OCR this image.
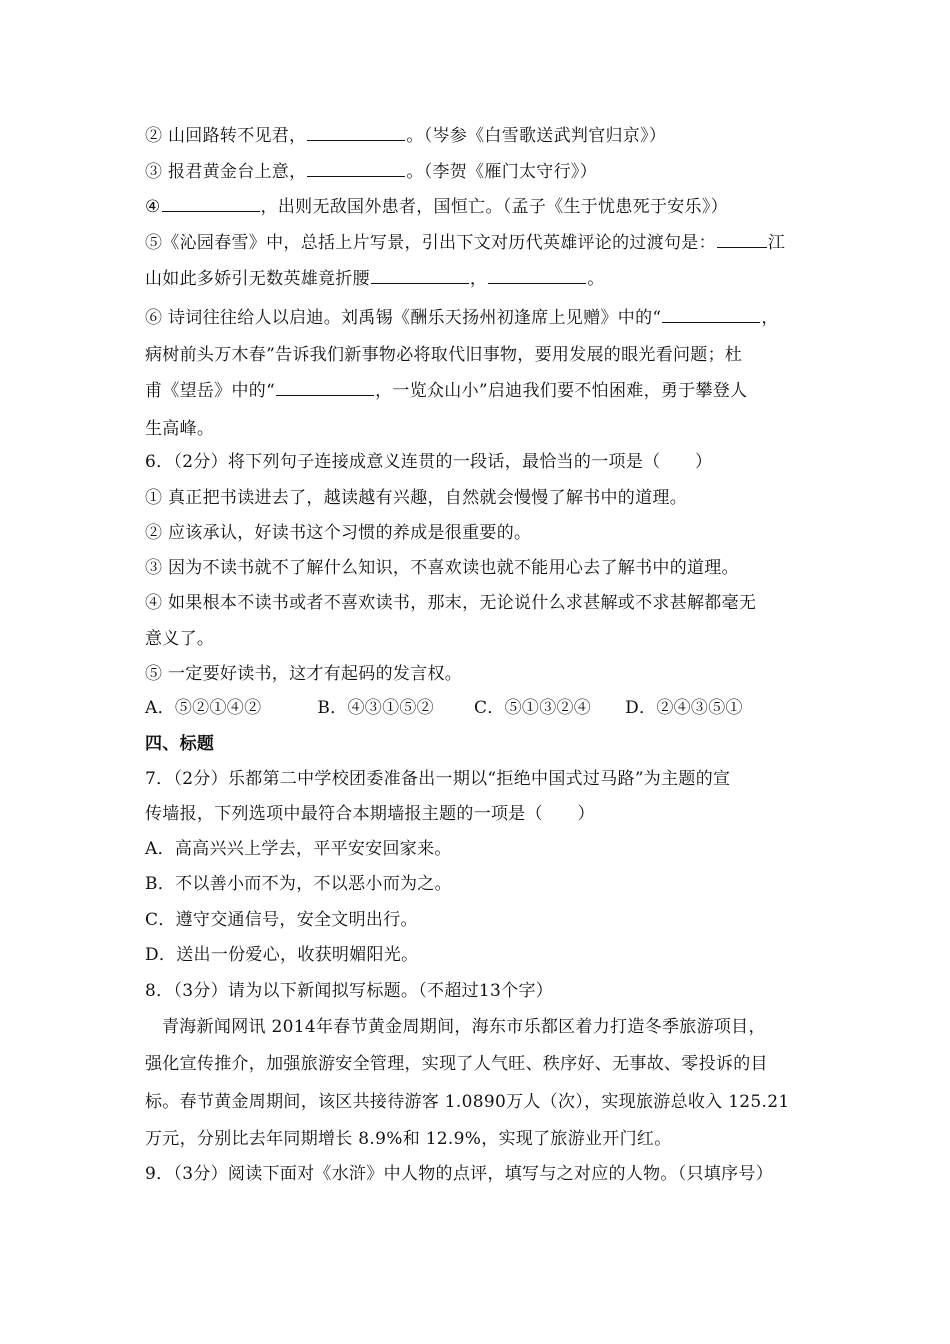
② 山回路转不见君，	。（岑参《白雪歌送武判官归京》）
③ 报君黄金台上意，	。（李贺《雁门太守行》）
④	，出则无敌国外患者，国恒亡。（孟子《生于忧患死于安乐》）
⑤《沁园春雪》中，总括上片写景，引出下文对历代英雄评论的过渡句是：	江
山如此多娇引无数英雄竟折腰	，	。
⑥ 诗词往往给人以启迪。刘禹锡《酬乐天扬州初逢席上见赠》中的“	，
病树前头万木春”告诉我们新事物必将取代旧事物，要用发展的眼光看问题；杜
甫《望岳》中的“	，一览众山小”启迪我们要不怕困难，勇于攀登人
生高峰。
6．（2分）将下列句子连接成意义连贯的一段话，最恰当的一项是（　　）
① 真正把书读进去了，越读越有兴趣，自然就会慢慢了解书中的道理。
② 应该承认，好读书这个习惯的养成是很重要的。
③ 因为不读书就不了解什么知识，不喜欢读也就不能用心去了解书中的道理。
④ 如果根本不读书或者不喜欢读书，那末，无论说什么求甚解或不求甚解都毫无
意义了。
⑤ 一定要好读书，这才有起码的发言权。
A．⑤②①④②	B．④③①⑤② C．⑤①③②④ D．②④③⑤①
四、标题
7．（2分）乐都第二中学校团委准备出一期以“拒绝中国式过马路”为主题的宣
传墙报，下列选项中最符合本期墙报主题的一项是（　　）
A．高高兴兴上学去，平平安安回家来。
B．不以善小而不为，不以恶小而为之。
C．遵守交通信号，安全文明出行。
D．送出一份爱心，收获明媚阳光。
8．（3分）请为以下新闻拟写标题。（不超过13个字）
青海新闻网讯 2014年春节黄金周期间，海东市乐都区着力打造冬季旅游项目，
强化宣传推介，加强旅游安全管理，实现了人气旺、秩序好、无事故、零投诉的目
标。春节黄金周期间，该区共接待游客 1.0890万人（次），实现旅游总收入 125.21
万元，分别比去年同期增长 8.9%和 12.9%，实现了旅游业开门红。
9．（3分）阅读下面对《水浒》中人物的点评，填写与之对应的人物。（只填序号）
